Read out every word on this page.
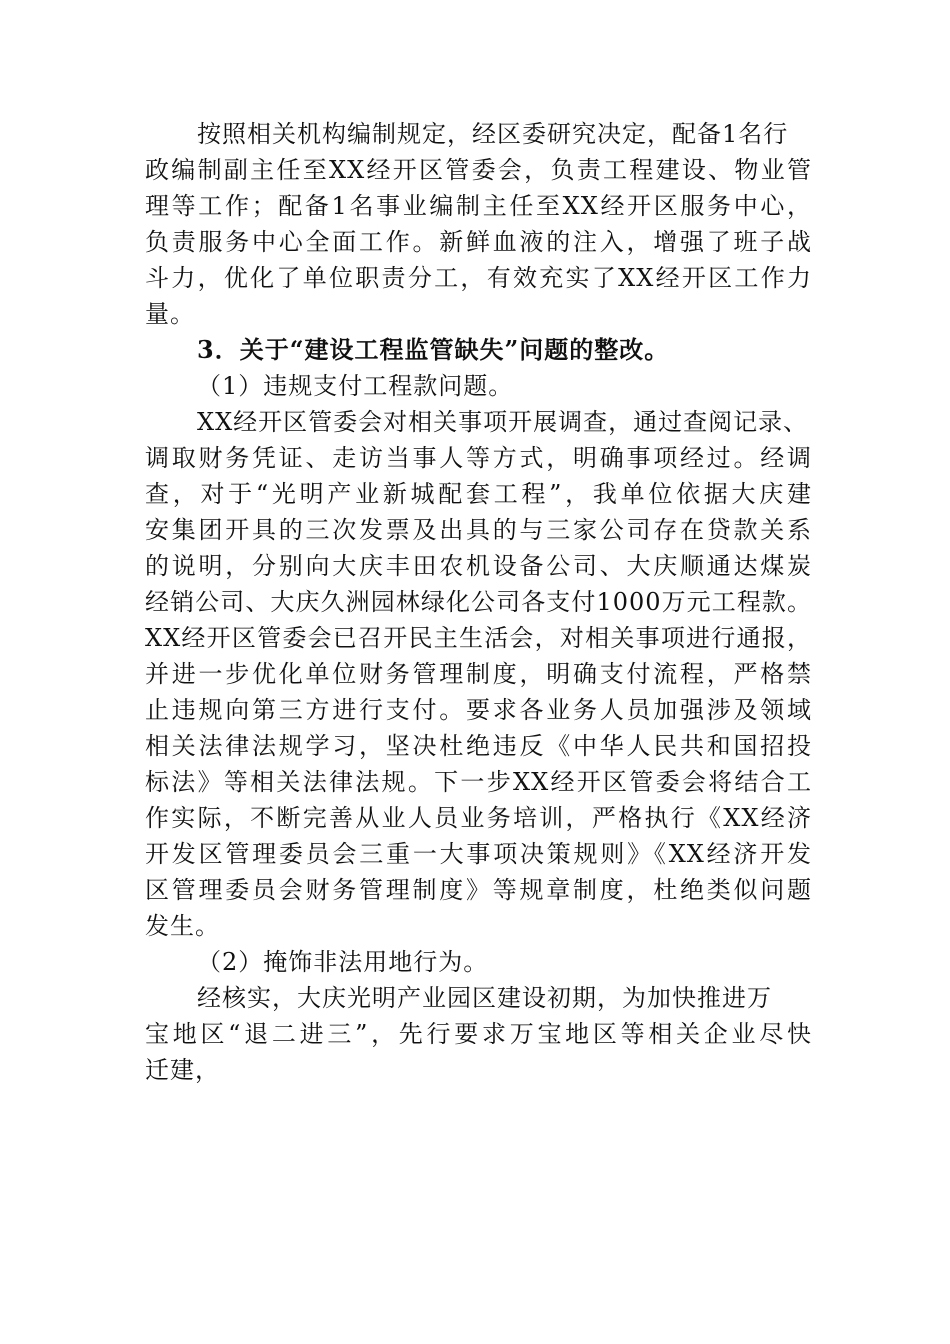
按照相关机构编制规定，经区委研究决定，配备1名行
政编制副主任至XX经开区管委会，负责工程建设、物业管
理等工作；配备1名事业编制主任至XX经开区服务中心，
负责服务中心全面工作。新鲜血液的注入，增强了班子战
斗力，优化了单位职责分工，有效充实了XX经开区工作力
量。
3．关于“建设工程监管缺失”问题的整改。
（1）违规支付工程款问题。
XX经开区管委会对相关事项开展调查，通过查阅记录、
调取财务凭证、走访当事人等方式，明确事项经过。经调
查，对于“光明产业新城配套工程”，我单位依据大庆建
安集团开具的三次发票及出具的与三家公司存在贷款关系
的说明，分别向大庆丰田农机设备公司、大庆顺通达煤炭
经销公司、大庆久洲园林绿化公司各支付1000万元工程款。
XX经开区管委会已召开民主生活会，对相关事项进行通报，
并进一步优化单位财务管理制度，明确支付流程，严格禁
止违规向第三方进行支付。要求各业务人员加强涉及领域
相关法律法规学习，坚决杜绝违反《中华人民共和国招投
标法》等相关法律法规。下一步XX经开区管委会将结合工
作实际，不断完善从业人员业务培训，严格执行《XX经济
开发区管理委员会三重一大事项决策规则》《XX经济开发
区管理委员会财务管理制度》等规章制度，杜绝类似问题
发生。
（2）掩饰非法用地行为。
经核实，大庆光明产业园区建设初期，为加快推进万
宝地区“退二进三”，先行要求万宝地区等相关企业尽快
迁建，
